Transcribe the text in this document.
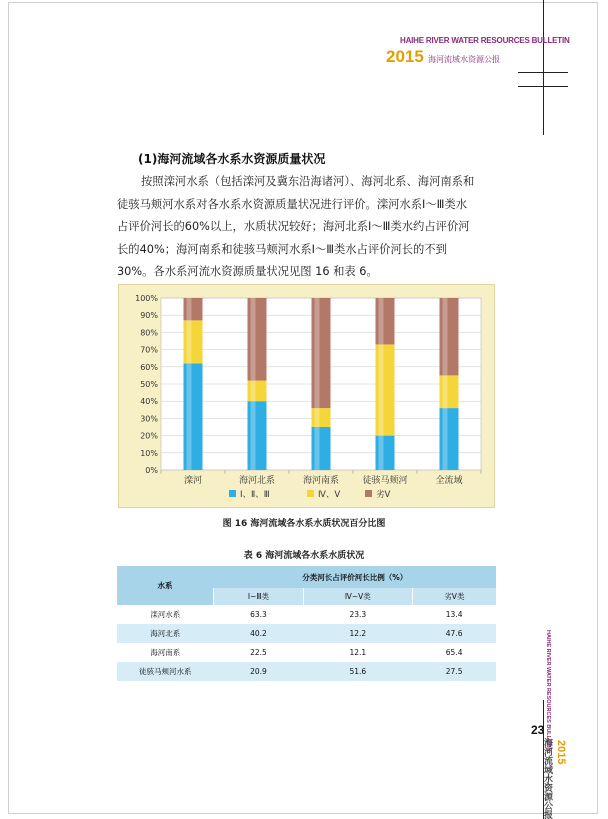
HAIHE RIVER WATER RESOURCES BULLETIN
2015 海河流域水资源公报
(1)海河流域各水系水资源质量状况
按照滦河水系（包括滦河及冀东沿海诸河）、海河北系、海河南系和
徒骇马颊河水系对各水系水资源质量状况进行评价。滦河水系Ⅰ～Ⅲ类水
占评价河长的60%以上，水质状况较好；海河北系Ⅰ～Ⅲ类水约占评价河
长的40%；海河南系和徒骇马颊河水系Ⅰ～Ⅲ类水占评价河长的不到
30%。各水系河流水资源质量状况见图 16 和表 6。
0%
10%
20%
30%
40%
50%
60%
70%
80%
90%
100%
滦河	海河北系	海河南系	徒骇马颊河	全流域
Ⅰ、Ⅱ、Ⅲ	Ⅳ、Ⅴ	劣Ⅴ
图 16 海河流域各水系水质状况百分比图
表 6 海河流域各水系水质状况
水系	分类河长占评价河长比例（%）		
	Ⅰ~Ⅲ类	Ⅳ~Ⅴ类	劣Ⅴ类
滦河水系	63.3	23.3	13.4
海河北系	40.2	12.2	47.6
海河南系	22.5	12.1	65.4
徒骇马颊河水系	20.9	51.6	27.5	HAIHE RIVER WATER RESOURCES BULLETIN
23
2015
海河流域水资源公报
